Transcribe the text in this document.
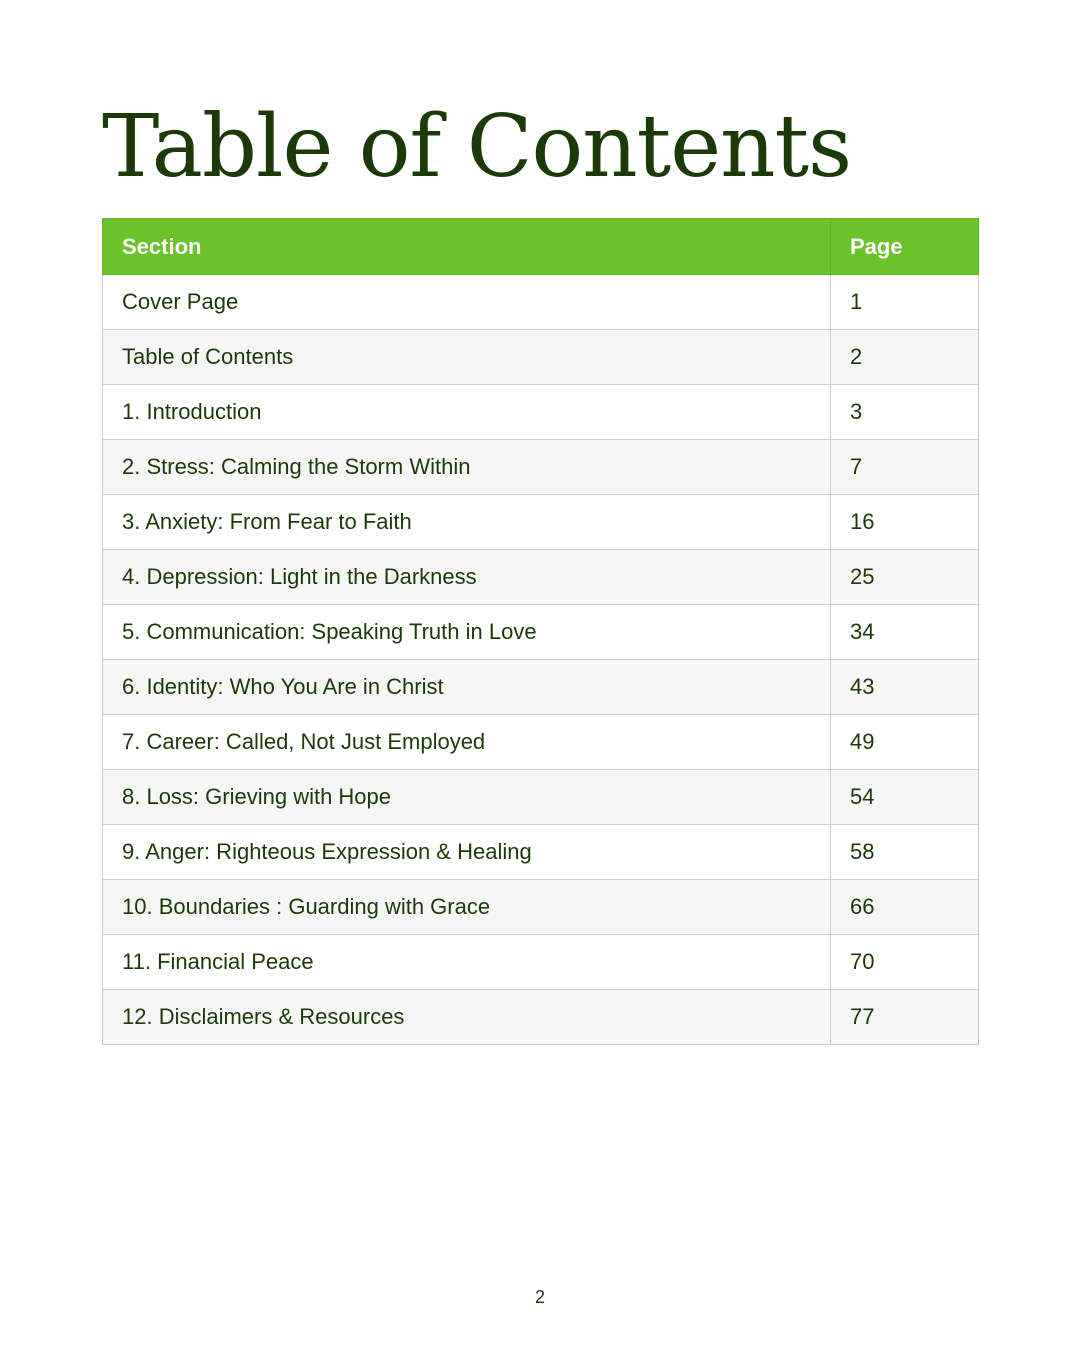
Table of Contents
Section	Page
Cover Page	1
Table of Contents	2
1. Introduction	3
2. Stress: Calming the Storm Within	7
3. Anxiety: From Fear to Faith	16
4. Depression: Light in the Darkness	25
5. Communication: Speaking Truth in Love	34
6. Identity: Who You Are in Christ	43
7. Career: Called, Not Just Employed	49
8. Loss: Grieving with Hope	54
9. Anger: Righteous Expression & Healing	58
10. Boundaries : Guarding with Grace	66
11. Financial Peace	70
12. Disclaimers & Resources	77
2
